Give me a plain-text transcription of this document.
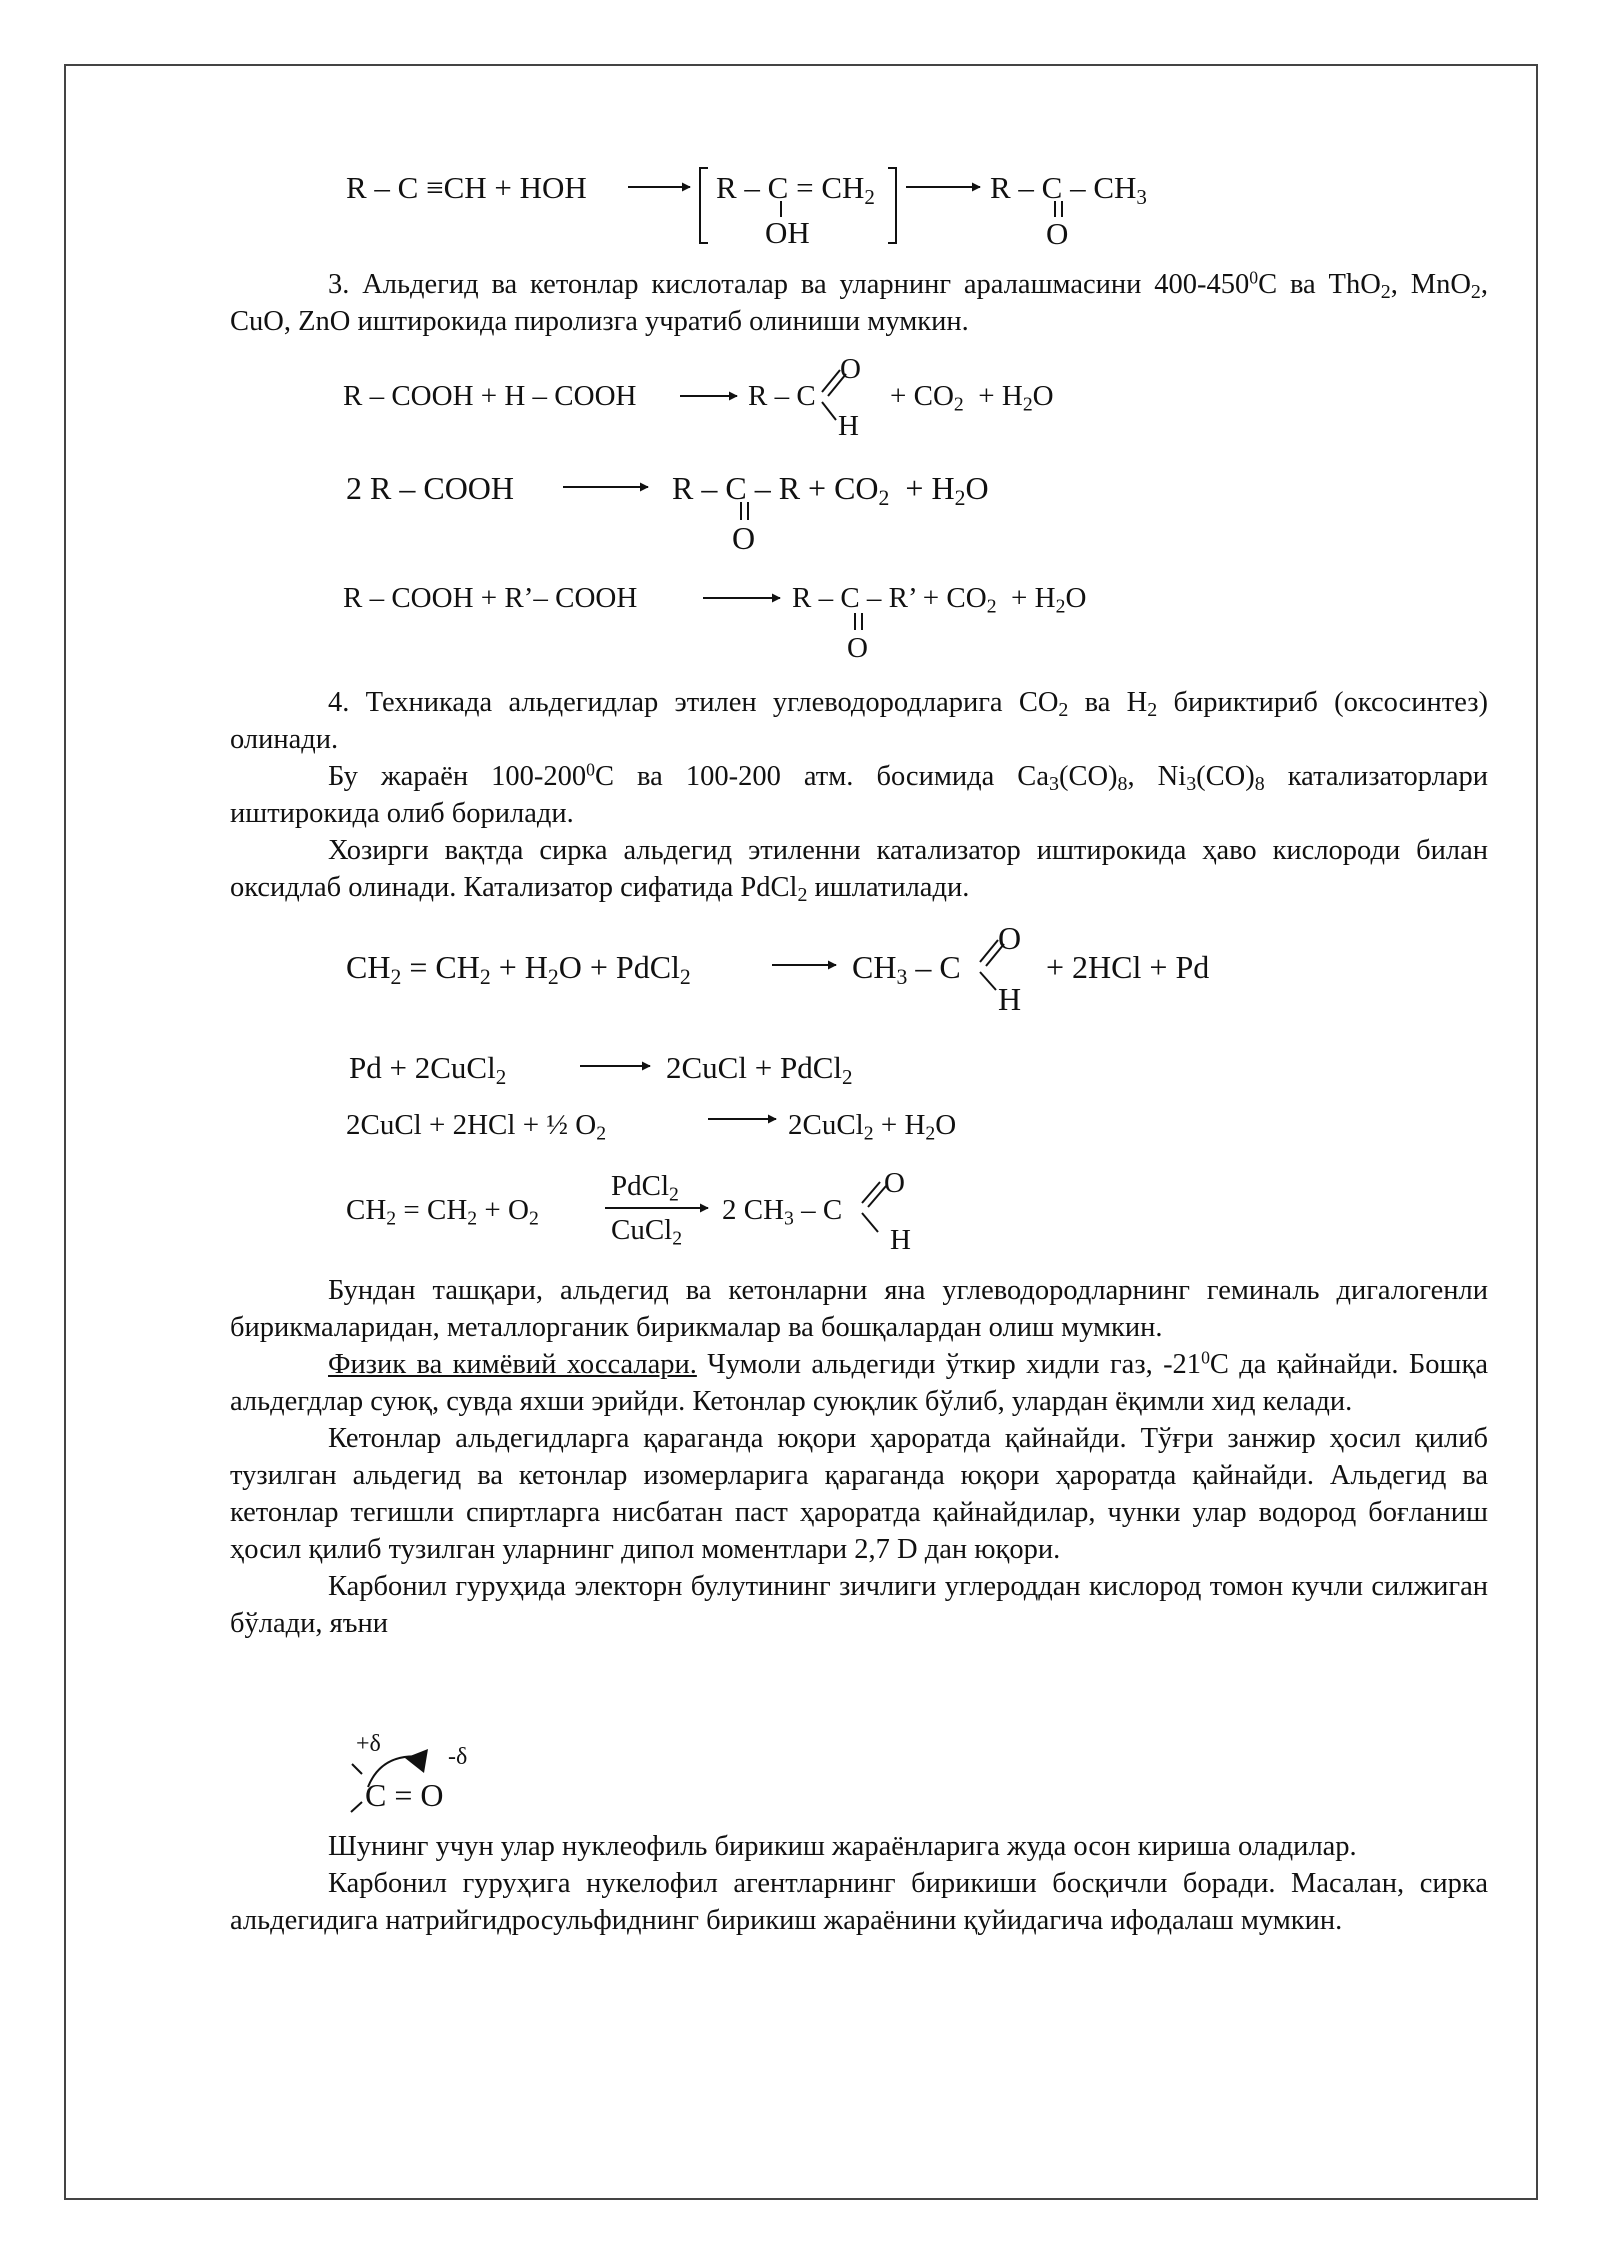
R – C ≡CH + HOH	$R - C = CH_2$
OH
R – C – $CH_3$
O

3. Альдегид ва кетонлар кислоталар ва уларнинг аралашмасини $400-450^0С$ ва ThO2, MnO2, CuO, ZnO иштирокида пиролизга учратиб олиниши мумкин.

R – COOH + H – COOH	R – C
O
H
+ $CO_2 + H_2O$
2 R – COOH	$R - C - R + CO_2 + H_2O$
O
R – COOH + R’– COOH	R – C – R’ + $CO_2 + H_2O$
O

4. Техникада альдегидлар этилен углеводородларига CO2 ва H2 бириктириб (оксосинтез) олинади.

Бу жараён $100-200^0С$ ва 100-200 атм. босимида Ca3(CO)8, Ni3(CO)8 катализаторлари иштирокида олиб борилади.

Хозирги вақтда сирка альдегид этиленни катализатор иштирокида ҳаво кислороди билан оксидлаб олинади. Катализатор сифатида PdCl2 ишлатилади.

$CH_2 = CH_2 + H_2O$ + PdCl$_2$	$CH_3$ – C
O
H
+ 2HCl + Pd
Pd + 2CuCl$_2$	2CuCl + PdCl$_2$
2CuCl + 2HCl + ½ $O_2$	2CuCl$_2$ + $H_2O$
$CH_2 = CH_2 + O_2$
PdCl$_2$
CuCl$_2$
2 $CH_3$ – C
O
H

Бундан ташқари, альдегид ва кетонларни яна углеводородларнинг геминаль дигалогенли бирикмаларидан, металлорганик бирикмалар ва бошқалардан олиш мумкин.

Физик ва кимёвий хоссалари. Чумоли альдегиди ўткир хидли газ, $-21^0С$ да қайнайди. Бошқа альдегдлар суюқ, сувда яхши эрийди. Кетонлар суюқлик бўлиб, улардан ёқимли хид келади.

Кетонлар альдегидларга қараганда юқори ҳароратда қайнайди. Тўғри занжир ҳосил қилиб тузилган альдегид ва кетонлар изомерларига қараганда юқори ҳароратда қайнайди. Альдегид ва кетонлар тегишли спиртларга нисбатан паст ҳароратда қайнайдилар, чунки улар водород боғланиш ҳосил қилиб тузилган уларнинг дипол моментлари 2,7 D дан юқори.

Карбонил гуруҳида электорн булутининг зичлиги углероддан кислород томон кучли силжиган бўлади, яъни

+δ	-δ
C = O

Шунинг учун улар нуклеофиль бирикиш жараёнларига жуда осон кириша оладилар.

Карбонил гуруҳига нукелофил агентларнинг бирикиши босқичли боради. Масалан, сирка альдегидига натрийгидросульфиднинг бирикиш жараёнини қуйидагича ифодалаш мумкин.
